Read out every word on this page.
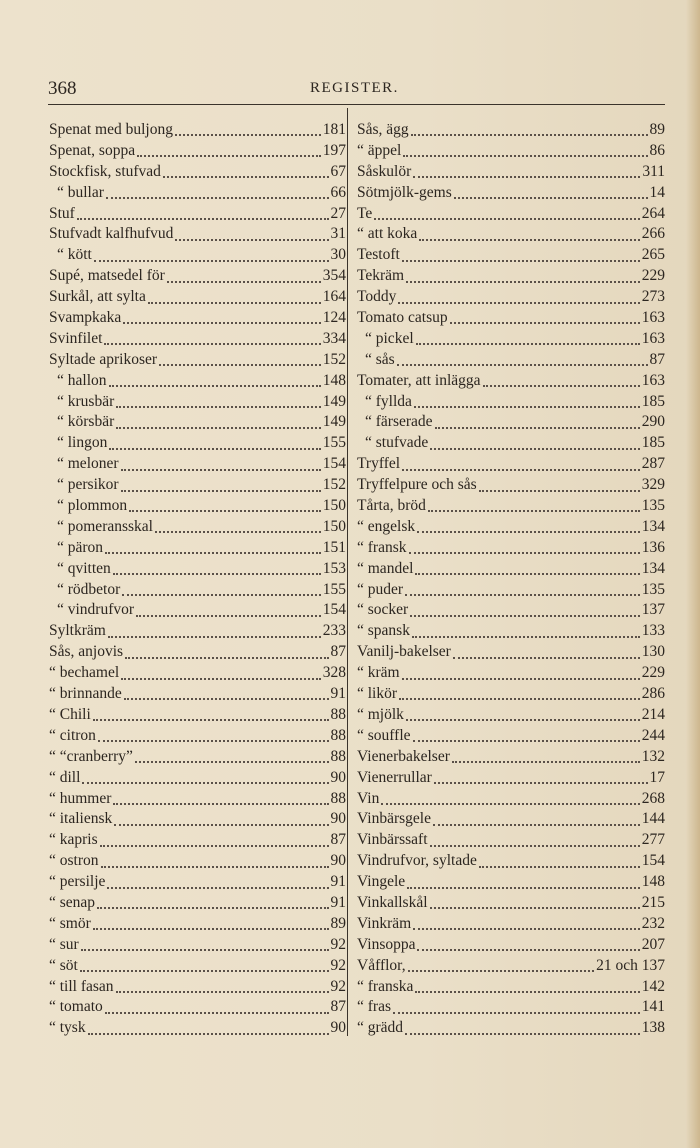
368	REGISTER.
Spenat med buljong	181
Spenat, soppa	197
Stockfisk, stufvad	67
“ bullar	66
Stuf	27
Stufvadt kalfhufvud	31
“ kött	30
Supé, matsedel för	354
Surkål, att sylta	164
Svampkaka	124
Svinfilet	334
Syltade aprikoser	152
“ hallon	148
“ krusbär	149
“ körsbär	149
“ lingon	155
“ meloner	154
“ persikor	152
“ plommon	150
“ pomeransskal	150
“ päron	151
“ qvitten	153
“ rödbetor	155
“ vindrufvor	154
Syltkräm	233
Sås, anjovis	87
“ bechamel	328
“ brinnande	91
“ Chili	88
“ citron	88
“ “cranberry”	88
“ dill	90
“ hummer	88
“ italiensk	90
“ kapris	87
“ ostron	90
“ persilje	91
“ senap	91
“ smör	89
“ sur	92
“ söt	92
“ till fasan	92
“ tomato	87
“ tysk	90
Sås, ägg	89
“ äppel	86
Såskulör	311
Sötmjölk-gems	14
Te	264
“ att koka	266
Testoft	265
Tekräm	229
Toddy	273
Tomato catsup	163
“ pickel	163
“ sås	87
Tomater, att inlägga	163
“ fyllda	185
“ färserade	290
“ stufvade	185
Tryffel	287
Tryffelpure och sås	329
Tårta, bröd	135
“ engelsk	134
“ fransk	136
“ mandel	134
“ puder	135
“ socker	137
“ spansk	133
Vanilj-bakelser	130
“ kräm	229
“ likör	286
“ mjölk	214
“ souffle	244
Vienerbakelser	132
Vienerrullar	17
Vin	268
Vinbärsgele	144
Vinbärssaft	277
Vindrufvor, syltade	154
Vingele	148
Vinkallskål	215
Vinkräm	232
Vinsoppa	207
Våfflor,	21 och 137
“ franska	142
“ fras	141
“ grädd	138
